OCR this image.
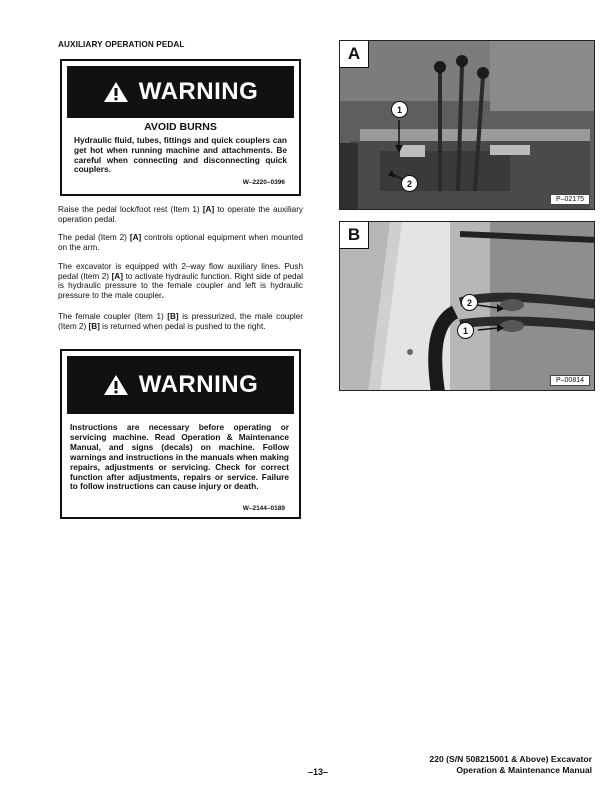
AUXILIARY OPERATION PEDAL
WARNING
AVOID BURNS
Hydraulic fluid, tubes, fittings and quick couplers can get hot when running machine and attachments. Be careful when connecting and disconnecting quick couplers.
W–2220–0396
Raise the pedal lock/foot rest (Item 1) [A] to operate the auxiliary operation pedal.
The pedal (Item 2) [A] controls optional equipment when mounted on the arm.
The excavator is equipped with 2–way flow auxiliary lines. Push pedal (Item 2) [A] to activate hydraulic function. Right side of pedal is hydraulic pressure to the female coupler and left is hydraulic pressure to the male coupler.
The female coupler (Item 1) [B] is pressurized, the male coupler (Item 2) [B] is returned when pedal is pushed to the right.
WARNING
Instructions are necessary before operating or servicing machine. Read Operation & Maintenance Manual, and signs (decals) on machine. Follow warnings and instructions in the manuals when making repairs, adjustments or servicing. Check for correct function after adjustments, repairs or service. Failure to follow instructions can cause injury or death.
W–2144–0189
A
1
2
P–02175
B
2
1
P–00814
–13–
220 (S/N 508215001 & Above) Excavator
Operation & Maintenance Manual
